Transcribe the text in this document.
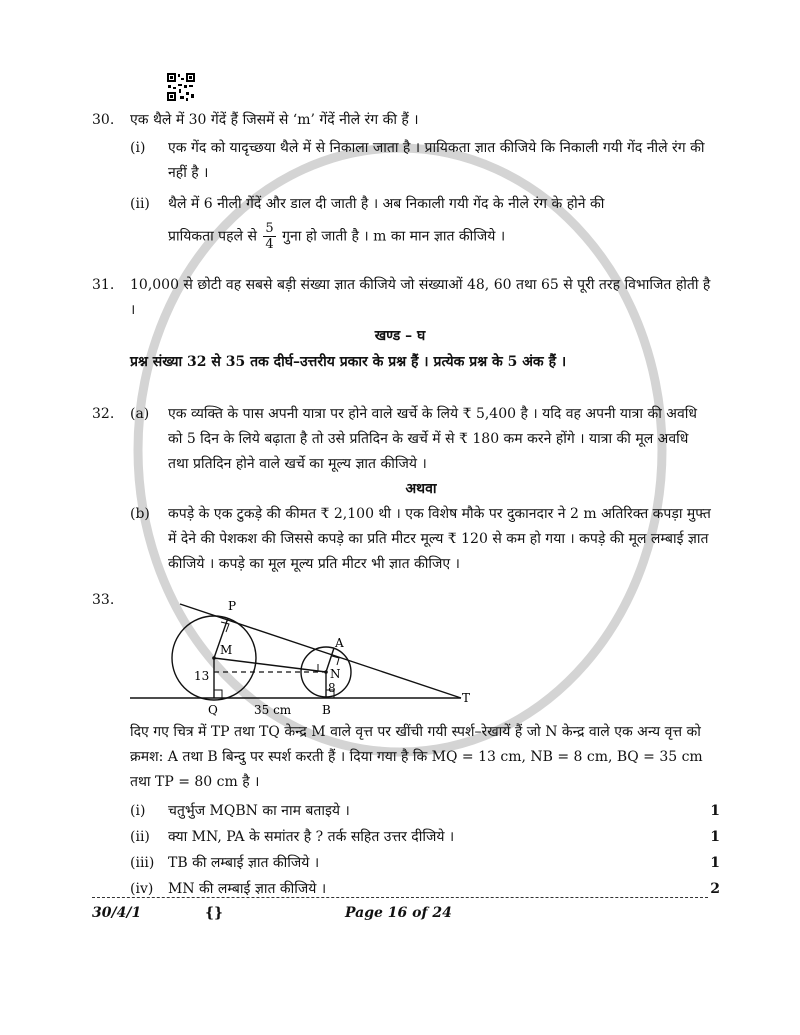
30.	एक थैले में 30 गेंदें हैं जिसमें से ‘m’ गेंदें नीले रंग की हैं ।
(i) एक गेंद को यादृच्छया थैले में से निकाला जाता है । प्रायिकता ज्ञात कीजिये कि निकाली गयी गेंद नीले रंग की नहीं है ।
(ii) थैले में 6 नीली गेंदें और डाल दी जाती है । अब निकाली गयी गेंद के नीले रंग के होने की
प्रायिकता पहले से $\frac{5}{4}$ गुना हो जाती है । m का मान ज्ञात कीजिये ।
31.	10,000 से छोटी वह सबसे बड़ी संख्या ज्ञात कीजिये जो संख्याओं 48, 60 तथा 65 से पूरी तरह विभाजित होती है ।
खण्ड – घ
प्रश्न संख्या 32 से 35 तक दीर्घ–उत्तरीय प्रकार के प्रश्न हैं । प्रत्येक प्रश्न के 5 अंक हैं ।
32.	(a) एक व्यक्ति के पास अपनी यात्रा पर होने वाले खर्चे के लिये ₹ 5,400 है । यदि वह अपनी यात्रा की अवधि को 5 दिन के लिये बढ़ाता है तो उसे प्रतिदिन के खर्चे में से ₹ 180 कम करने होंगे । यात्रा की मूल अवधि तथा प्रतिदिन होने वाले खर्चे का मूल्य ज्ञात कीजिये ।
अथवा
(b) कपड़े के एक टुकड़े की कीमत ₹ 2,100 थी । एक विशेष मौके पर दुकानदार ने 2 m अतिरिक्त कपड़ा मुफ्त में देने की पेशकश की जिससे कपड़े का प्रति मीटर मूल्य ₹ 120 से कम हो गया । कपड़े की मूल लम्बाई ज्ञात कीजिये । कपड़े का मूल मूल्य प्रति मीटर भी ज्ञात कीजिए ।
33.	P
M	A
N
T
Q	B
13
8
35 cm
दिए गए चित्र में TP तथा TQ केन्द्र M वाले वृत्त पर खींची गयी स्पर्श–रेखायें हैं जो N केन्द्र वाले एक अन्य वृत्त को क्रमश: A तथा B बिन्दु पर स्पर्श करती हैं । दिया गया है कि MQ = 13 cm, NB = 8 cm, BQ = 35 cm तथा TP = 80 cm है ।
(i) चतुर्भुज MQBN का नाम बताइये ।	1
(ii) क्या MN, PA के समांतर है ? तर्क सहित उत्तर दीजिये ।	1
(iii) TB की लम्बाई ज्ञात कीजिये ।	1
(iv) MN की लम्बाई ज्ञात कीजिये ।	2
30/4/1	{}	Page 16 of 24
